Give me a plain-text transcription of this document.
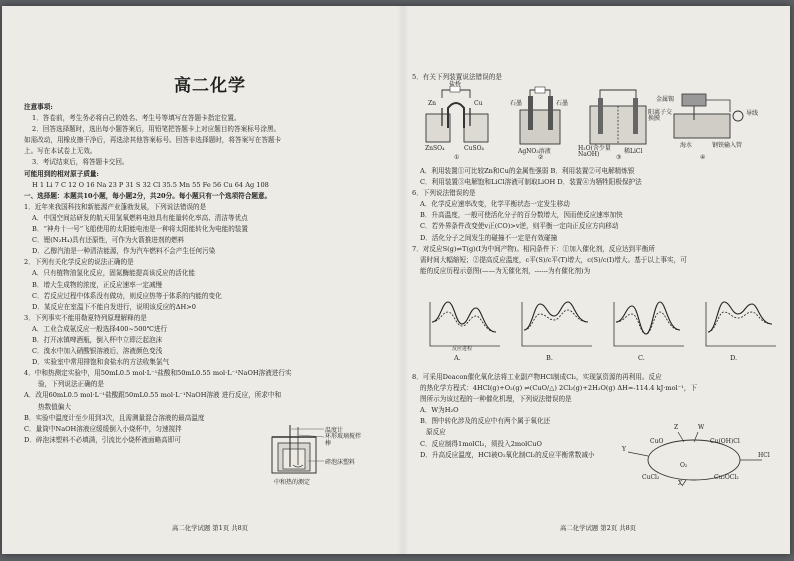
高二化学
注意事项:
1．答卷前，考生务必将自己的姓名、考生号等填写在答题卡指定位置。
2．回答选择题时，选出每小题答案后，用铅笔把答题卡上对应题目的答案标号涂黑。
如需改动，用橡皮擦干净后，再选涂其他答案标号。回答非选择题时，将答案写在答题卡
上。写在本试卷上无效。
3．考试结束后，将答题卡交回。
可能用到的相对原子质量:
H 1 Li 7 C 12 O 16 Na 23 P 31 S 32 Cl 35.5 Mn 55 Fe 56 Cu 64 Ag 108
一、选择题：本题共10小题，每小题2分，共20分。每小题只有一个选项符合题意。
1．近年来我国科技和新能源产业蓬勃发展，下列说法错误的是
A．中国空间站研发的航天用氢氧燃料电池具有能量转化率高、清洁等优点
B．“神舟十一号”飞船使用的太阳能电池是一种将太阳能转化为电能的装置
C．锂(N₂H₄)具有还原性，可作为火箭推进剂的燃料
D．乙醇汽油是一种清洁能源，作为汽车燃料不会产生任何污染
2．下列有关化学反应的说法正确的是
A．只有植物油氢化反应，固氮酶能提高该反应的活化能
B．增大生成物的浓度，正反应速率一定减慢
C．若反应过程中体系没有做功，则反应热等于体系的内能的变化
D．某反应在室温下不能自发进行，说明该反应的ΔH>0
3．下列事实不能用勒夏特列原理解释的是
A．工业合成氨反应一般选择400~500℃进行
B．打开冰镇啤酒瓶，倒入杯中立即泛起泡沫
C．溴水中加入硝酸银溶液后，溶液颜色变浅
D．实验室中常用排饱和食盐水的方法收集氯气
4．中和热测定实验中，用50mL0.5 mol·L⁻¹盐酸和50mL0.55 mol·L⁻¹NaOH溶液进行实
验，下列说法正确的是
A．改用60mL0.5 mol·L⁻¹盐酸跟50mL0.55 mol·L⁻¹NaOH溶液 进行反应，所求中和
热数值偏大
B．实验中温度计至少用到3次，且需测量混合溶液的最高温度
C．量筒中NaOH溶液应缓缓倒入小烧杯中，匀速搅拌
D．碎泡沫塑料不必填满，引流比小烧杯液面略高即可
温度计
环形玻璃搅拌棒
碎泡沫塑料
中和热的测定
高二化学试题 第1页 共8页
5．有关下列装置说法错误的是
盐桥
Zn	Cu
ZnSO₄	CuSO₄
石墨	石墨
AgNO₃溶液	H₂O(含少量NaOH)	稀LiCl
阳离子交换膜
金属锡
导线
钢铁输入管
海水
①	②	③	④
A．利用装置①可比较Zn和Cu的金属性强弱 B．利用装置②可电解精炼银
C．利用装置③电解饱和LiCl溶液可制取LiOH D．装置④为牺牲阳极保护法
6．下列说法错误的是
A．化学反应速率改变，化学平衡状态一定发生移动
B．升高温度，一般可使活化分子的百分数增大，因而使反应速率加快
C．若外界条件改变使v正(CO)>v逆，则平衡一定向正反应方向移动
D．活化分子之间发生的碰撞不一定是有效碰撞
7．对反应S(g)⇌T(g)(I为中间产物)。相同条件下：①加入催化剂，反应达到平衡所
需时间大幅缩短；②提高反应温度，c平(S)/c平(T)增大，c(S)/c(I)增大。基于以上事实，可
能的反应历程示意图(——为无催化剂，------为有催化剂)为
A.	B.	C.	D.
反应进程
8．可采用Deacon催化氧化法将工业副产物HCl制成Cl₂，实现氯资源的再利用。反应
的热化学方程式：4HCl(g)+O₂(g) ⇌(CuO/△) 2Cl₂(g)+2H₂O(g) ΔH=-114.4 kJ·mol⁻¹，下
图所示为该过程的一种催化机理，下列说法错误的是
A．W为H₂O
B．图中转化涉及的反应中有两个属于氧化还
原反应
C．反应制得1molCl₂，须投入2molCuO
D．升高反应温度，HCl被O₂氧化制Cl₂的反应平衡常数减小
CuO	Cu(OH)Cl
CuCl₂	Cu₂OCl₂
Y
Z	W
HCl
O₂
X
高二化学试题 第2页 共8页
